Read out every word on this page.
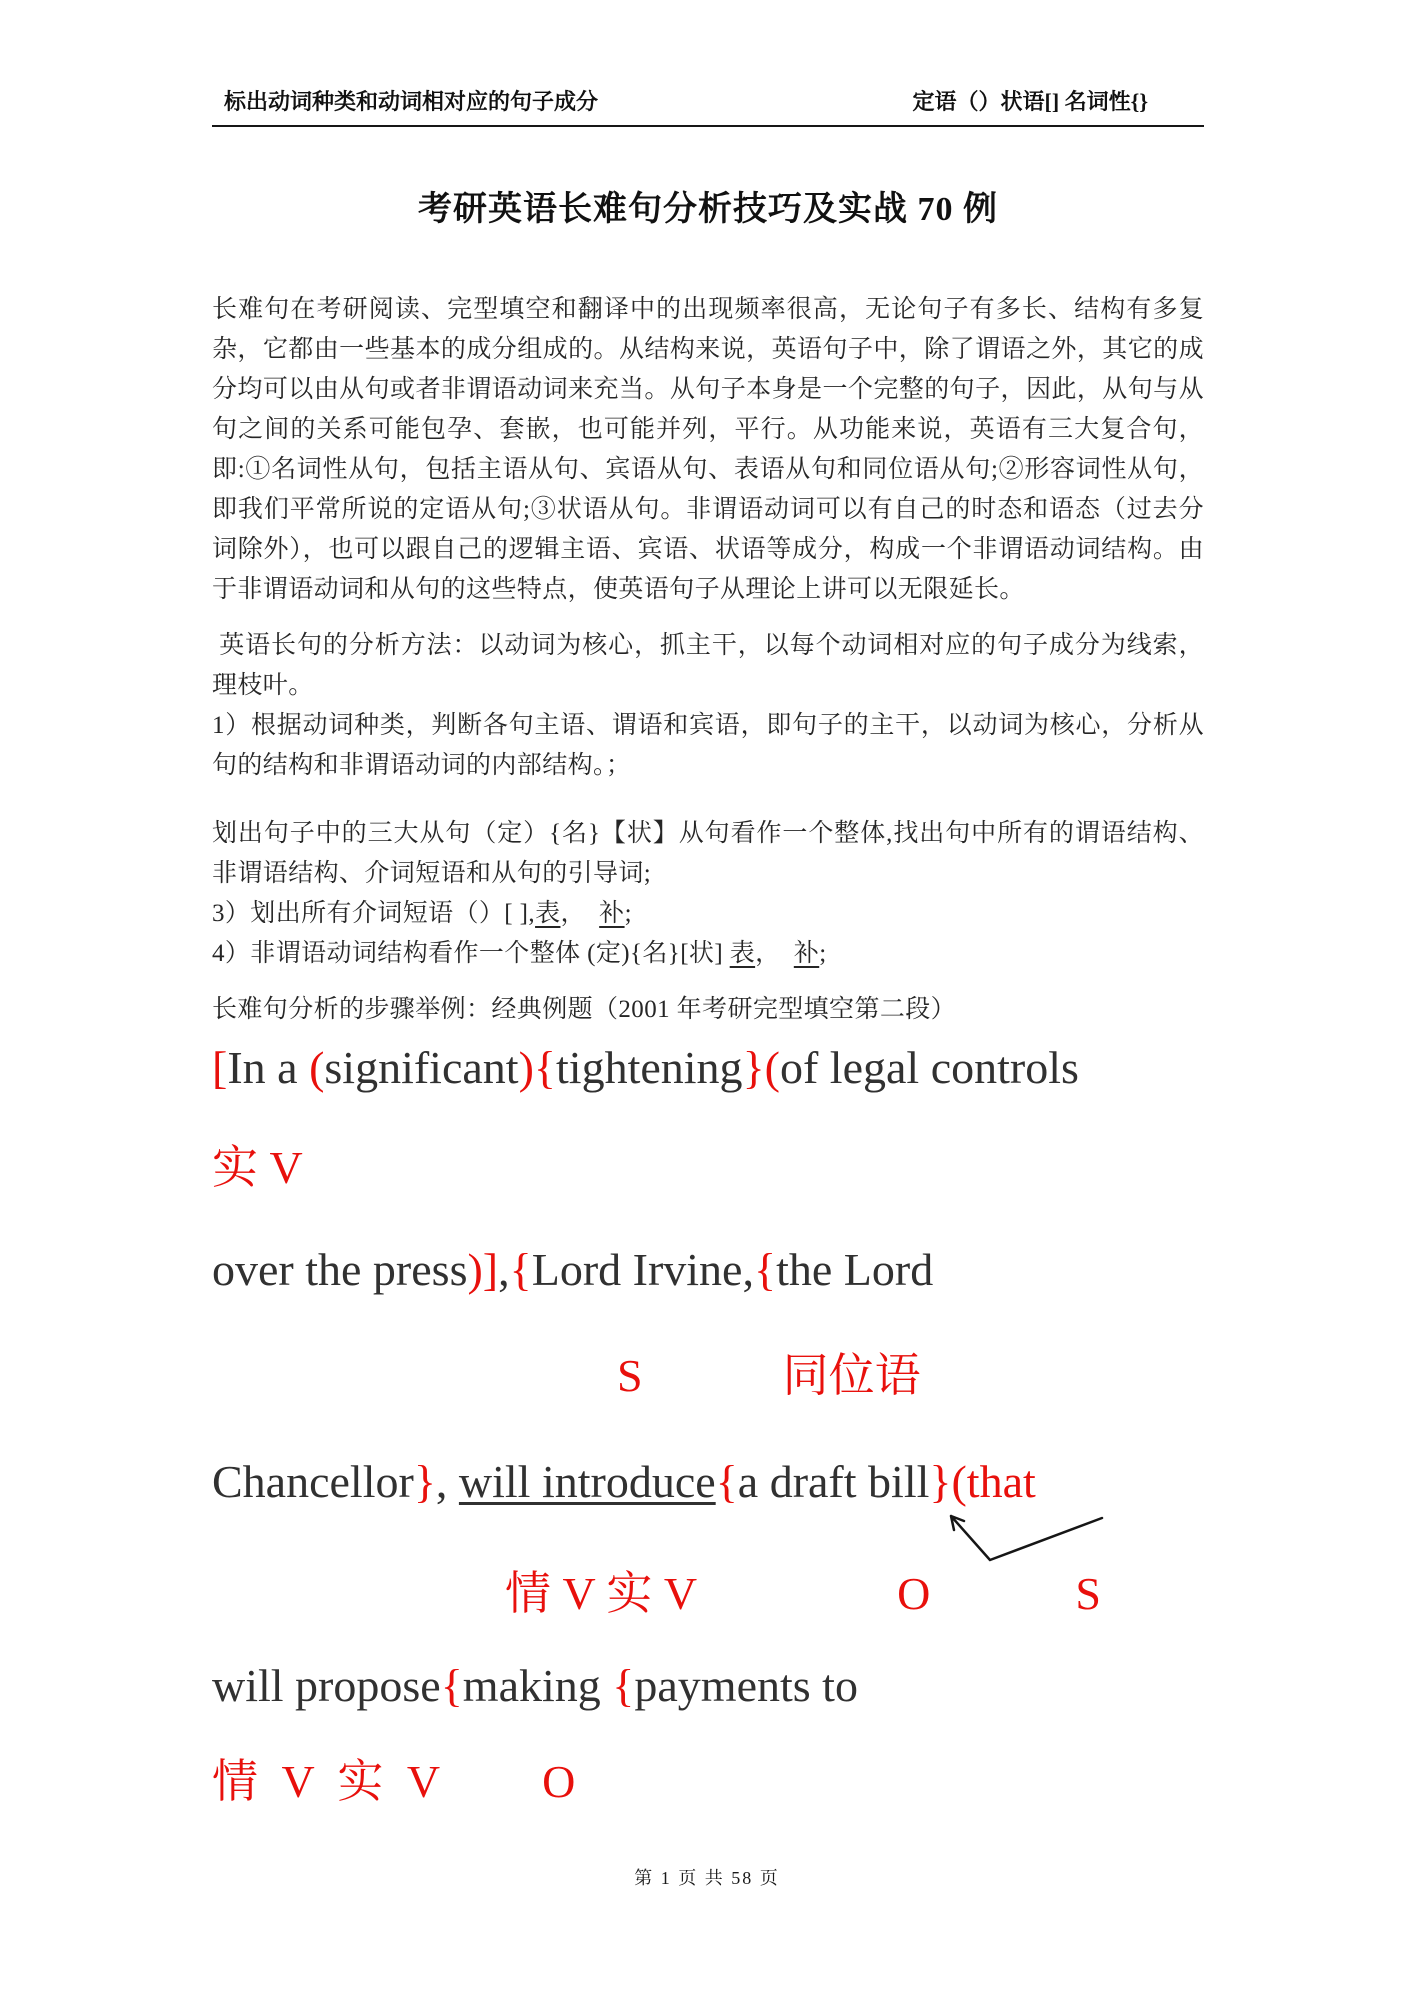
标出动词种类和动词相对应的句子成分	定语（）状语[] 名词性{}
考研英语长难句分析技巧及实战 70 例

长难句在考研阅读、完型填空和翻译中的出现频率很高，无论句子有多长、结构有多复杂，它都由一些基本的成分组成的。从结构来说，英语句子中，除了谓语之外，其它的成分均可以由从句或者非谓语动词来充当。从句子本身是一个完整的句子，因此，从句与从句之间的关系可能包孕、套嵌，也可能并列，平行。从功能来说，英语有三大复合句，即:①名词性从句，包括主语从句、宾语从句、表语从句和同位语从句;②形容词性从句，即我们平常所说的定语从句;③状语从句。非谓语动词可以有自己的时态和语态（过去分词除外），也可以跟自己的逻辑主语、宾语、状语等成分，构成一个非谓语动词结构。由于非谓语动词和从句的这些特点，使英语句子从理论上讲可以无限延长。

英语长句的分析方法：以动词为核心，抓主干，以每个动词相对应的句子成分为线索，理枝叶。

1）根据动词种类，判断各句主语、谓语和宾语，即句子的主干，以动词为核心，分析从句的结构和非谓语动词的内部结构。；

划出句子中的三大从句（定）{名}【状】从句看作一个整体,找出句中所有的谓语结构、非谓语结构、介词短语和从句的引导词;

3）划出所有介词短语（）[ ],表，  补;

4）非谓语动词结构看作一个整体 (定){名}[状] 表，  补;

长难句分析的步骤举例：经典例题（2001 年考研完型填空第二段）

[In a (significant){tightening}(of legal controls
实 V
over the press)],{Lord Irvine,{the Lord
S	同位语
Chancellor}, will introduce{a draft bill}(that
情 V 实 V	O	S
will propose{making {payments to
情 V 实 V O
第 1 页 共 58 页
